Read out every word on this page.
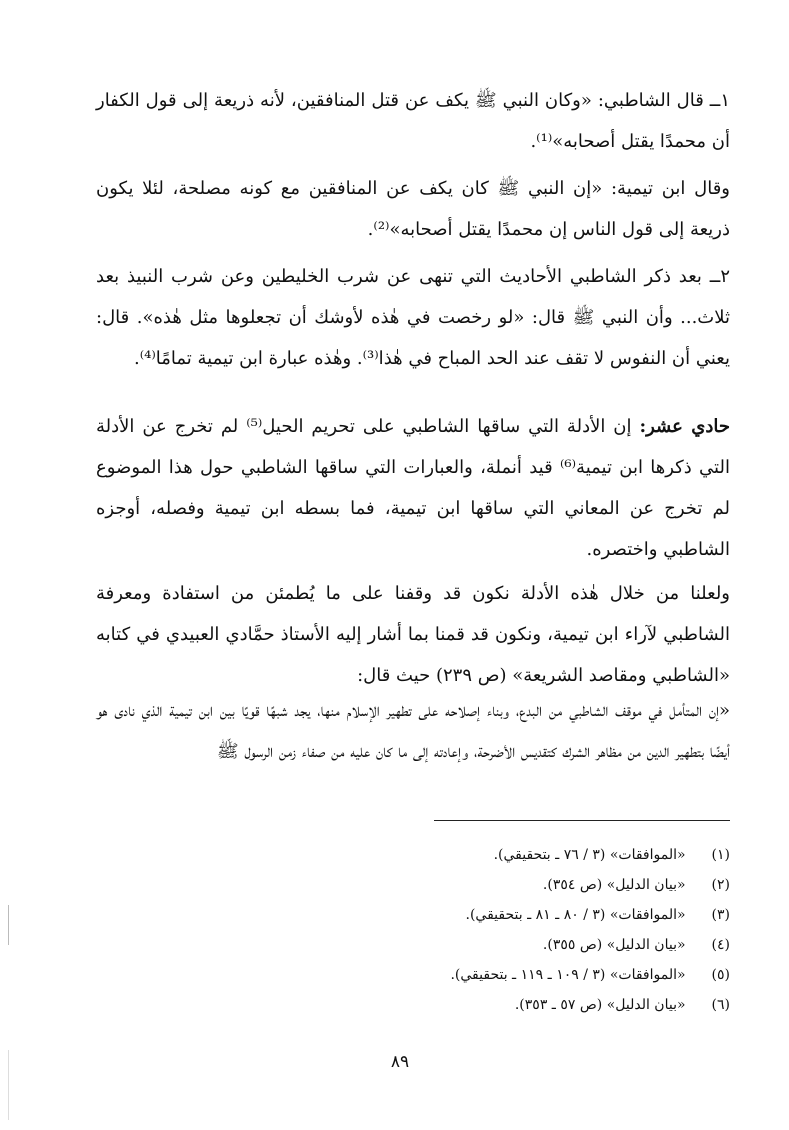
١ــ قال الشاطبي: «وكان النبي ﷺ يكف عن قتل المنافقين، لأنه ذريعة إلى قول الكفار أن محمدًا يقتل أصحابه»⁽¹⁾.

وقال ابن تيمية: «إن النبي ﷺ كان يكف عن المنافقين مع كونه مصلحة، لئلا يكون ذريعة إلى قول الناس إن محمدًا يقتل أصحابه»⁽²⁾.

٢ــ بعد ذكر الشاطبي الأحاديث التي تنهى عن شرب الخليطين وعن شرب النبيذ بعد ثلاث... وأن النبي ﷺ قال: «لو رخصت في هٰذه لأوشك أن تجعلوها مثل هٰذه». قال: يعني أن النفوس لا تقف عند الحد المباح في هٰذا⁽³⁾. وهٰذه عبارة ابن تيمية تمامًا⁽⁴⁾.

حادي عشر: إن الأدلة التي ساقها الشاطبي على تحريم الحيل⁽⁵⁾ لم تخرج عن الأدلة التي ذكرها ابن تيمية⁽⁶⁾ قيد أنملة، والعبارات التي ساقها الشاطبي حول هذا الموضوع لم تخرج عن المعاني التي ساقها ابن تيمية، فما بسطه ابن تيمية وفصله، أوجزه الشاطبي واختصره.

ولعلنا من خلال هٰذه الأدلة نكون قد وقفنا على ما يُطمئن من استفادة ومعرفة الشاطبي لآراء ابن تيمية، ونكون قد قمنا بما أشار إليه الأستاذ حمَّادي العبيدي في كتابه «الشاطبي ومقاصد الشريعة» (ص ٢٣٩) حيث قال:

«إن المتأمل في موقف الشاطبي من البدع، وبناء إصلاحه على تطهير الإسلام منها، يجد شبهًا قويًا بين ابن تيمية الذي نادى هو أيضًا بتطهير الدين من مظاهر الشرك كتقديس الأضرحة، وإعادته إلى ما كان عليه من صفاء زمن الرسول ﷺ

(١) «الموافقات» (٣ / ٧٦ ـ بتحقيقي).
(٢) «بيان الدليل» (ص ٣٥٤).
(٣) «الموافقات» (٣ / ٨٠ ـ ٨١ ـ بتحقيقي).
(٤) «بيان الدليل» (ص ٣٥٥).
(٥) «الموافقات» (٣ / ١٠٩ ـ ١١٩ ـ بتحقيقي).
(٦) «بيان الدليل» (ص ٥٧ ـ ٣٥٣).
٨٩
